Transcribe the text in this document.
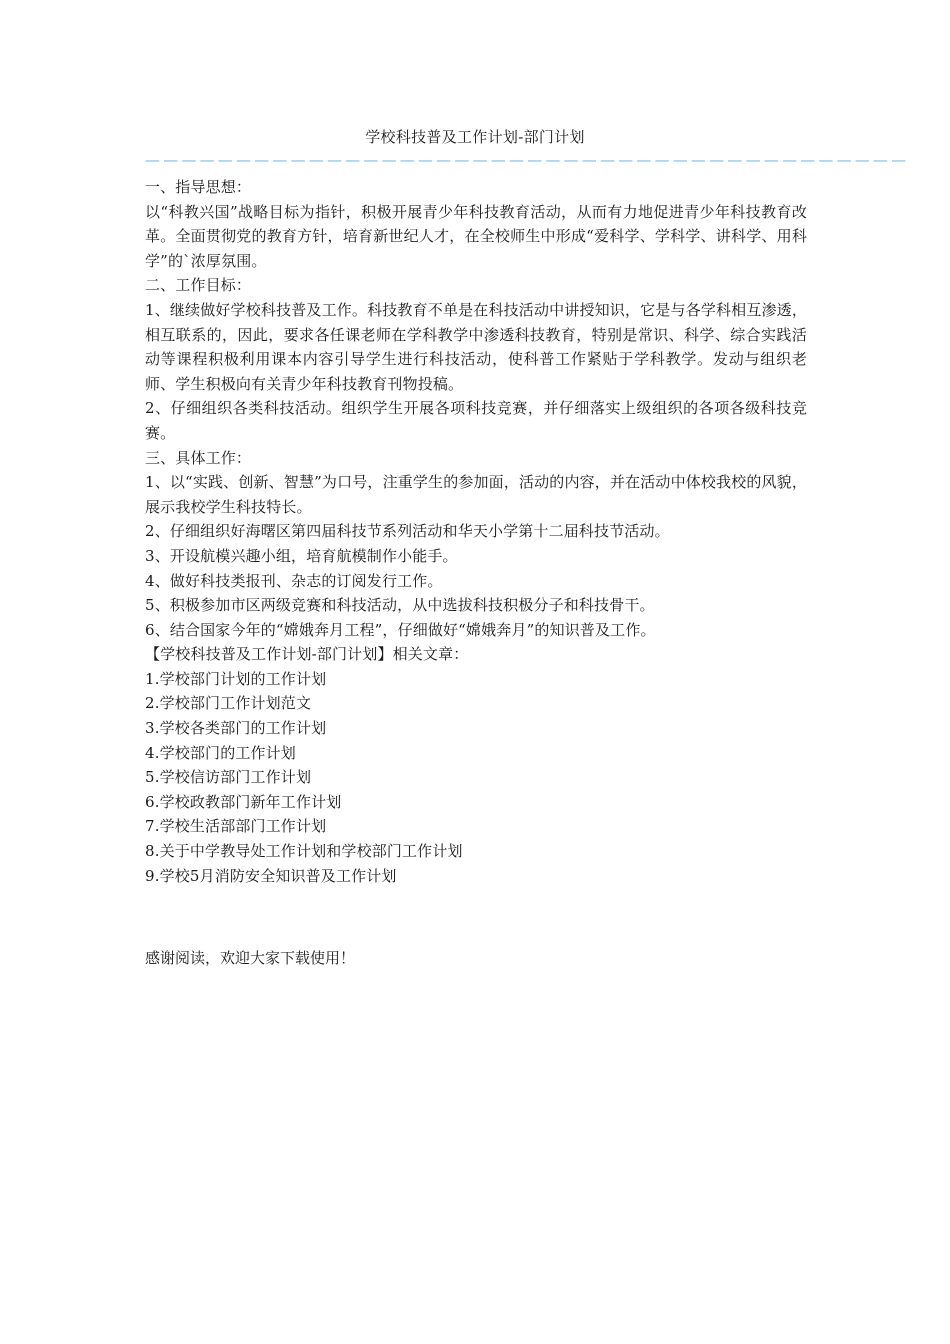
学校科技普及工作计划-部门计划
——————————————————————————————————————————

一、指导思想：

以“科教兴国”战略目标为指针，积极开展青少年科技教育活动，从而有力地促进青少年科技教育改革。全面贯彻党的教育方针，培育新世纪人才，在全校师生中形成“爱科学、学科学、讲科学、用科学”的`浓厚氛围。

二、工作目标：

1、继续做好学校科技普及工作。科技教育不单是在科技活动中讲授知识，它是与各学科相互渗透，相互联系的，因此，要求各任课老师在学科教学中渗透科技教育，特别是常识、科学、综合实践活动等课程积极利用课本内容引导学生进行科技活动，使科普工作紧贴于学科教学。发动与组织老师、学生积极向有关青少年科技教育刊物投稿。

2、仔细组织各类科技活动。组织学生开展各项科技竞赛，并仔细落实上级组织的各项各级科技竞赛。

三、具体工作：

1、以“实践、创新、智慧”为口号，注重学生的参加面，活动的内容，并在活动中体校我校的风貌，展示我校学生科技特长。

2、仔细组织好海曙区第四届科技节系列活动和华天小学第十二届科技节活动。

3、开设航模兴趣小组，培育航模制作小能手。

4、做好科技类报刊、杂志的订阅发行工作。

5、积极参加市区两级竞赛和科技活动，从中选拔科技积极分子和科技骨干。

6、结合国家今年的“嫦娥奔月工程”，仔细做好“嫦娥奔月”的知识普及工作。

【学校科技普及工作计划-部门计划】相关文章：

1.学校部门计划的工作计划
2.学校部门工作计划范文
3.学校各类部门的工作计划
4.学校部门的工作计划
5.学校信访部门工作计划
6.学校政教部门新年工作计划
7.学校生活部部门工作计划
8.关于中学教导处工作计划和学校部门工作计划
9.学校5月消防安全知识普及工作计划
感谢阅读，欢迎大家下载使用！
